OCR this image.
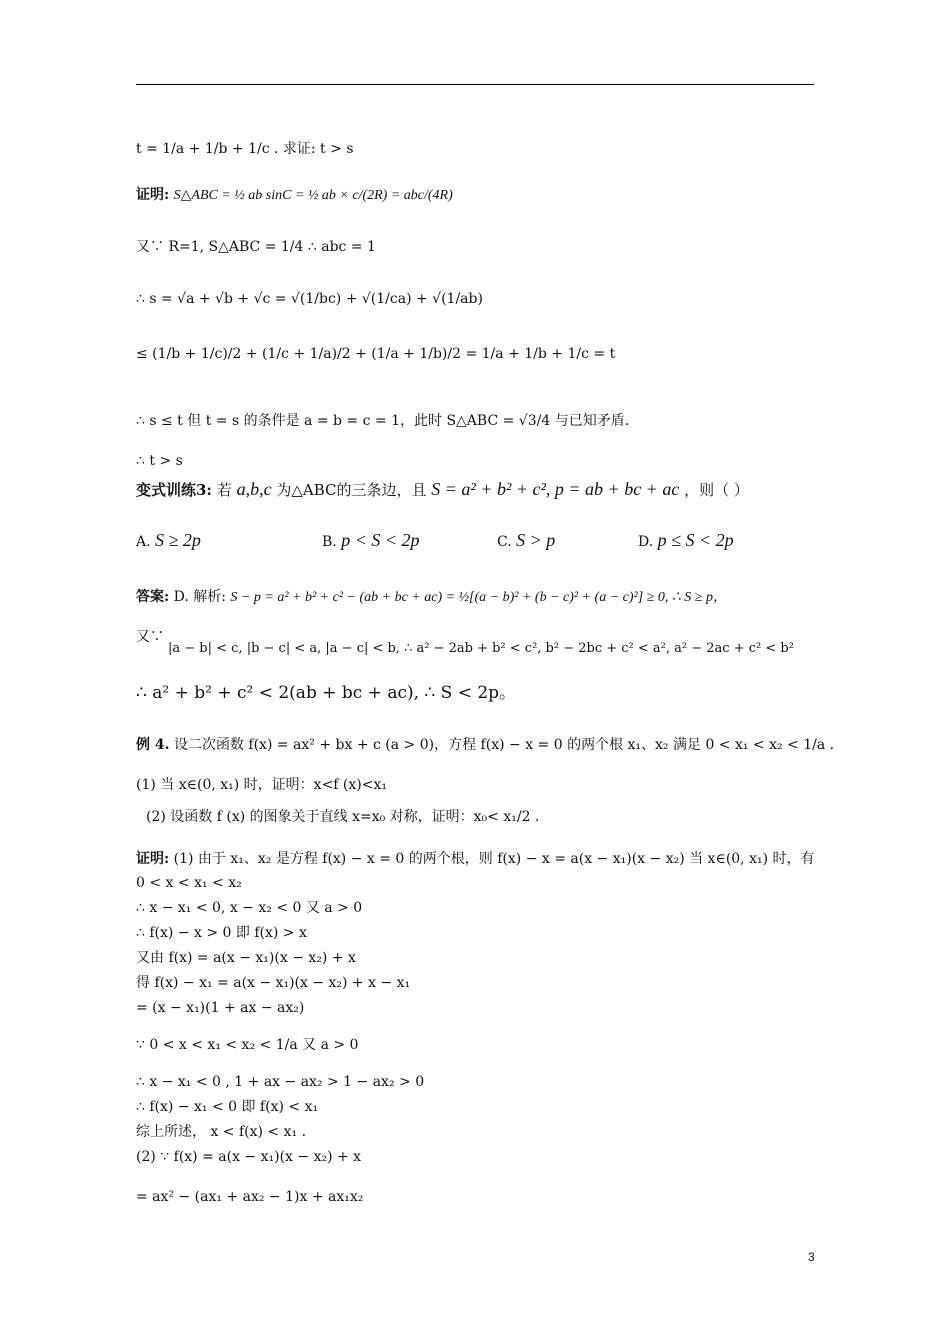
t = 1/a + 1/b + 1/c . 求证: t > s
证明: S△ABC = ½ ab sinC = ½ ab × c/(2R) = abc/(4R)
又∵ R=1, S△ABC = 1/4 ∴ abc = 1
∴ s = √a + √b + √c = √(1/bc) + √(1/ca) + √(1/ab)
≤ (1/b + 1/c)/2 + (1/c + 1/a)/2 + (1/a + 1/b)/2 = 1/a + 1/b + 1/c = t
∴ s ≤ t 但 t = s 的条件是 a = b = c = 1，此时 S△ABC = √3/4 与已知矛盾.
∴ t > s
变式训练3: 若 a,b,c 为△ABC的三条边，且 S = a² + b² + c², p = ab + bc + ac ，则（ ）
A. S ≥ 2p	B. p < S < 2p	C. S > p	D. p ≤ S < 2p
答案: D. 解析: S − p = a² + b² + c² − (ab + bc + ac) = ½[(a − b)² + (b − c)² + (a − c)²] ≥ 0, ∴ S ≥ p，
又∵
|a − b| < c, |b − c| < a, |a − c| < b, ∴ a² − 2ab + b² < c², b² − 2bc + c² < a², a² − 2ac + c² < b²
∴ a² + b² + c² < 2(ab + bc + ac), ∴ S < 2p。
例 4. 设二次函数 f(x) = ax² + bx + c (a > 0)，方程 f(x) − x = 0 的两个根 x₁、x₂ 满足 0 < x₁ < x₂ < 1/a .
(1) 当 x∈(0, x₁) 时，证明：x<f (x)<x₁
(2) 设函数 f (x) 的图象关于直线 x=x₀ 对称，证明：x₀< x₁/2 .
证明: (1) 由于 x₁、x₂ 是方程 f(x) − x = 0 的两个根，则 f(x) − x = a(x − x₁)(x − x₂) 当 x∈(0, x₁) 时，有
0 < x < x₁ < x₂
∴ x − x₁ < 0, x − x₂ < 0 又 a > 0
∴ f(x) − x > 0 即 f(x) > x
又由 f(x) = a(x − x₁)(x − x₂) + x
得 f(x) − x₁ = a(x − x₁)(x − x₂) + x − x₁
= (x − x₁)(1 + ax − ax₂)
∵ 0 < x < x₁ < x₂ < 1/a 又 a > 0
∴ x − x₁ < 0 , 1 + ax − ax₂ > 1 − ax₂ > 0
∴ f(x) − x₁ < 0 即 f(x) < x₁
综上所述， x < f(x) < x₁ .
(2) ∵ f(x) = a(x − x₁)(x − x₂) + x
= ax² − (ax₁ + ax₂ − 1)x + ax₁x₂
3
